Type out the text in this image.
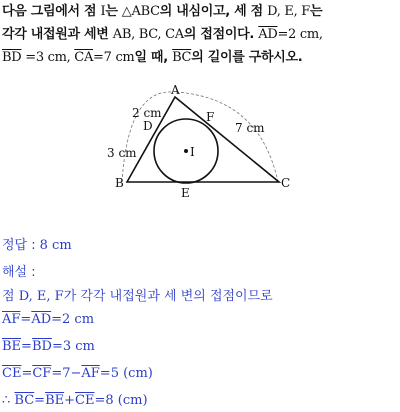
다음 그림에서 점 I는 △ABC의 내심이고, 세 점 D, E, F는
각각 내접원과 세변 AB, BC, CA의 접점이다. $\overline{AD}=2$ cm,
$\overline{BD} =3$ cm, $\overline{CA}=7$ cm일 때, $\overline{BC}$의 길이를 구하시오.
A
B	C
D
E
F
I
2 cm
3 cm
7 cm
정답 : 8 cm
해설 :
점 D, E, F가 각각 내접원과 세 변의 접점이므로
$\overline{AF}=\overline{AD}=2$ cm
$\overline{BE}=\overline{BD}=3$ cm
$\overline{CE}=\overline{CF}=7-\overline{AF}=5$ (cm)
∴ $\overline{BC}=\overline{BE}+\overline{CE}=8$ (cm)
